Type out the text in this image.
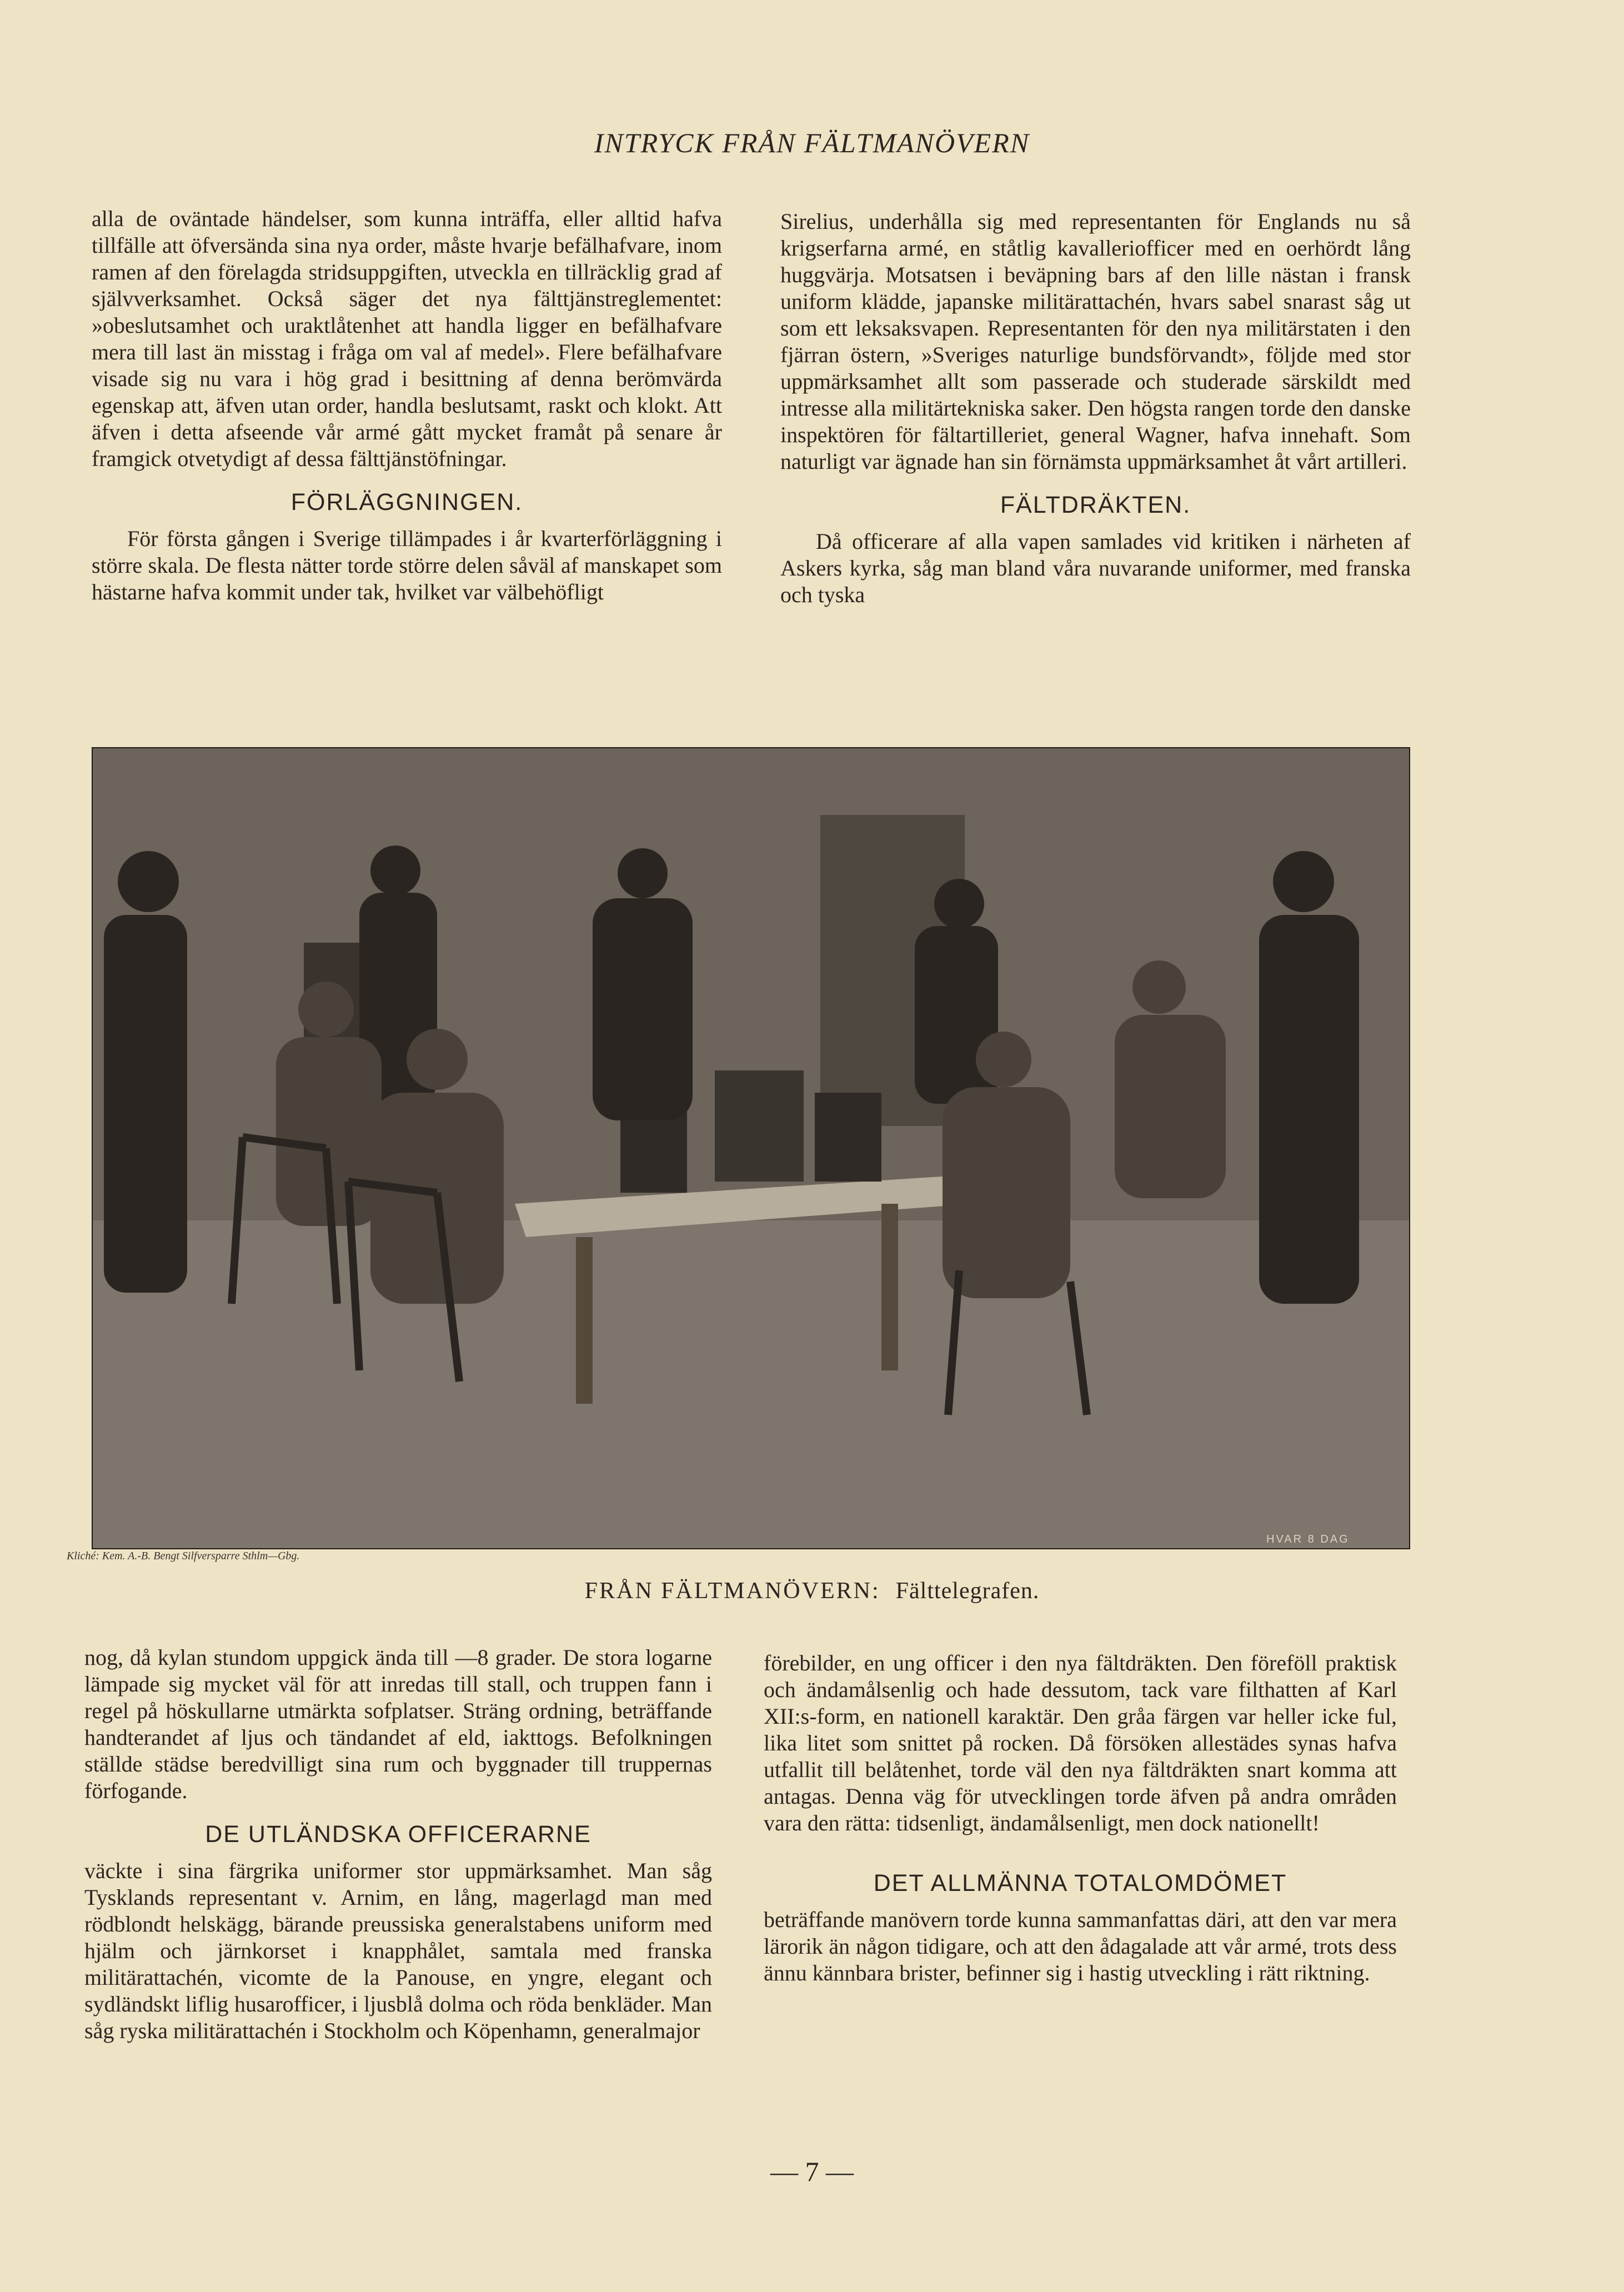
INTRYCK FRÅN FÄLTMANÖVERN

alla de oväntade händelser, som kunna inträffa, eller alltid hafva tillfälle att öfversända sina nya order, måste hvarje befälhafvare, inom ramen af den förelagda stridsuppgiften, utveckla en tillräcklig grad af självverksamhet. Också säger det nya fälttjänstreglementet: »obeslutsamhet och uraktlåtenhet att handla ligger en befälhafvare mera till last än misstag i fråga om val af medel». Flere befälhafvare visade sig nu vara i hög grad i besittning af denna berömvärda egenskap att, äfven utan order, handla beslutsamt, raskt och klokt. Att äfven i detta afseende vår armé gått mycket framåt på senare år framgick otvetydigt af dessa fälttjänstöfningar.

FÖRLÄGGNINGEN.

För första gången i Sverige tillämpades i år kvarterförläggning i större skala. De flesta nätter torde större delen såväl af manskapet som hästarne hafva kommit under tak, hvilket var välbehöfligt

Sirelius, underhålla sig med representanten för Englands nu så krigserfarna armé, en ståtlig kavalleriofficer med en oerhördt lång huggvärja. Motsatsen i beväpning bars af den lille nästan i fransk uniform klädde, japanske militärattachén, hvars sabel snarast såg ut som ett leksaksvapen. Representanten för den nya militärstaten i den fjärran östern, »Sveriges naturlige bundsförvandt», följde med stor uppmärksamhet allt som passerade och studerade särskildt med intresse alla militärtekniska saker. Den högsta rangen torde den danske inspektören för fältartilleriet, general Wagner, hafva innehaft. Som naturligt var ägnade han sin förnämsta uppmärksamhet åt vårt artilleri.

FÄLTDRÄKTEN.

Då officerare af alla vapen samlades vid kritiken i närheten af Askers kyrka, såg man bland våra nuvarande uniformer, med franska och tyska

Kliché: Kem. A.-B. Bengt Silfversparre Sthlm—Gbg.
HVAR 8 DAG
FRÅN FÄLTMANÖVERN: Fälttelegrafen.

nog, då kylan stundom uppgick ända till —8 grader. De stora logarne lämpade sig mycket väl för att inredas till stall, och truppen fann i regel på höskullarne utmärkta sofplatser. Sträng ordning, beträffande handterandet af ljus och tändandet af eld, iakttogs. Befolkningen ställde städse beredvilligt sina rum och byggnader till truppernas förfogande.

DE UTLÄNDSKA OFFICERARNE

väckte i sina färgrika uniformer stor uppmärksamhet. Man såg Tysklands representant v. Arnim, en lång, magerlagd man med rödblondt helskägg, bärande preussiska generalstabens uniform med hjälm och järnkorset i knapphålet, samtala med franska militärattachén, vicomte de la Panouse, en yngre, elegant och sydländskt liflig husarofficer, i ljusblå dolma och röda benkläder. Man såg ryska militärattachén i Stockholm och Köpenhamn, generalmajor

förebilder, en ung officer i den nya fältdräkten. Den föreföll praktisk och ändamålsenlig och hade dessutom, tack vare filthatten af Karl XII:s-form, en nationell karaktär. Den gråa färgen var heller icke ful, lika litet som snittet på rocken. Då försöken allestädes synas hafva utfallit till belåtenhet, torde väl den nya fältdräkten snart komma att antagas. Denna väg för utvecklingen torde äfven på andra områden vara den rätta: tidsenligt, ändamålsenligt, men dock nationellt!

DET ALLMÄNNA TOTALOMDÖMET

beträffande manövern torde kunna sammanfattas däri, att den var mera lärorik än någon tidigare, och att den ådagalade att vår armé, trots dess ännu kännbara brister, befinner sig i hastig utveckling i rätt riktning.

— 7 —
